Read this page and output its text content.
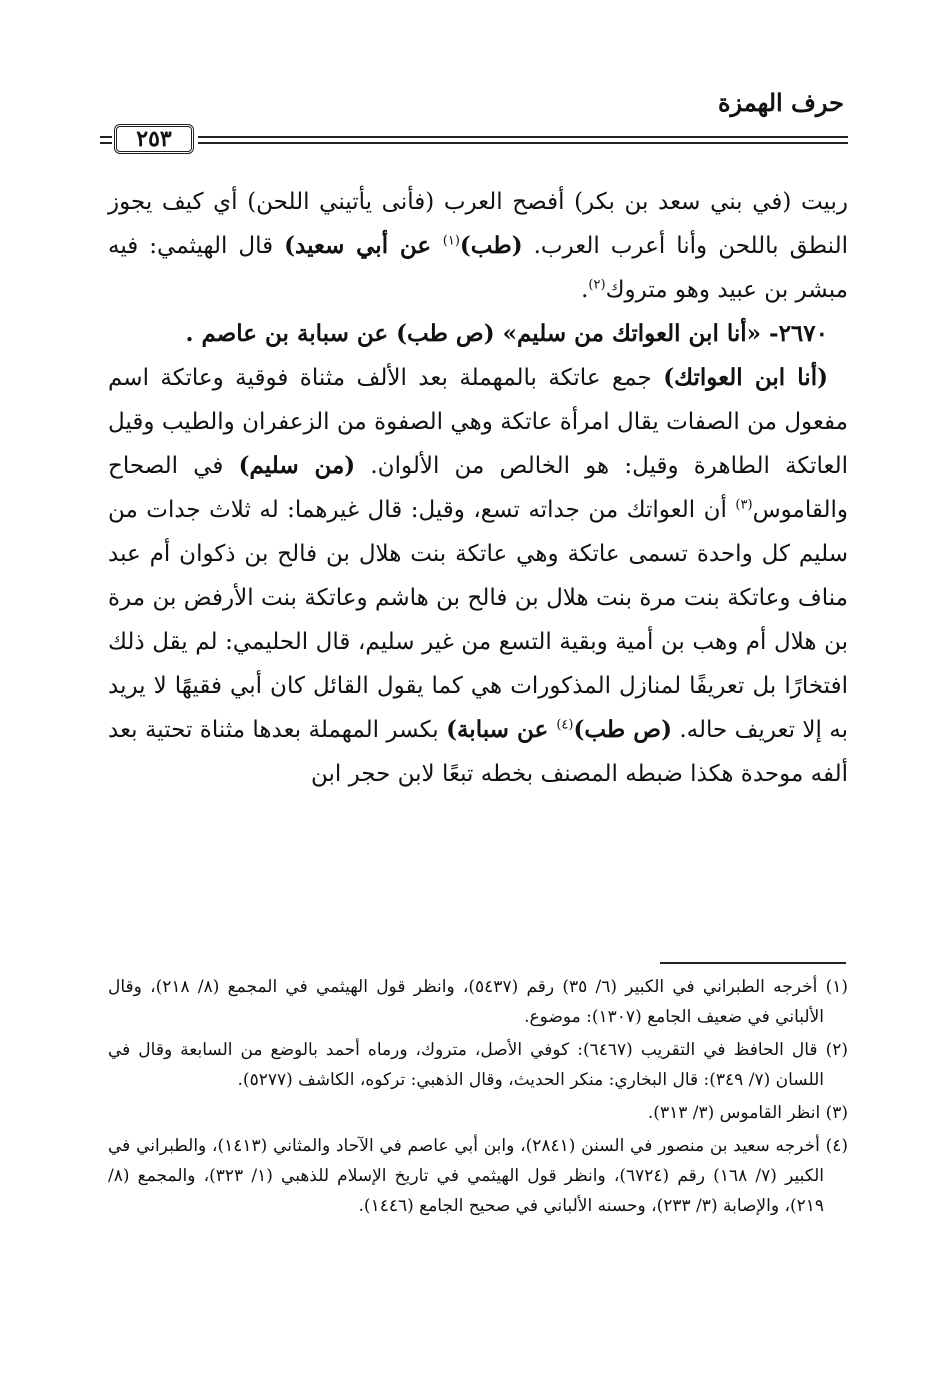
حرف الهمزة
٢٥٣

ربيت (في بني سعد بن بكر) أفصح العرب (فأنى يأتيني اللحن) أي كيف يجوز النطق باللحن وأنا أعرب العرب. (طب)$^{(١)}$ عن أبي سعيد) قال الهيثمي: فيه مبشر بن عبيد وهو متروك$^{(٢)}$.

٢٦٧٠- «أنا ابن العواتك من سليم» (ص طب) عن سبابة بن عاصم .

(أنا ابن العواتك) جمع عاتكة بالمهملة بعد الألف مثناة فوقية وعاتكة اسم مفعول من الصفات يقال امرأة عاتكة وهي الصفوة من الزعفران والطيب وقيل العاتكة الطاهرة وقيل: هو الخالص من الألوان. (من سليم) في الصحاح والقاموس$^{(٣)}$ أن العواتك من جداته تسع، وقيل: قال غيرهما: له ثلاث جدات من سليم كل واحدة تسمى عاتكة وهي عاتكة بنت هلال بن فالح بن ذكوان أم عبد مناف وعاتكة بنت مرة بنت هلال بن فالح بن هاشم وعاتكة بنت الأرفض بن مرة بن هلال أم وهب بن أمية وبقية التسع من غير سليم، قال الحليمي: لم يقل ذلك افتخارًا بل تعريفًا لمنازل المذكورات هي كما يقول القائل كان أبي فقيهًا لا يريد به إلا تعريف حاله. (ص طب)$^{(٤)}$ عن سبابة) بكسر المهملة بعدها مثناة تحتية بعد ألفه موحدة هكذا ضبطه المصنف بخطه تبعًا لابن حجر ابن

(١) أخرجه الطبراني في الكبير (٦/ ٣٥) رقم (٥٤٣٧)، وانظر قول الهيثمي في المجمع (٨/ ٢١٨)، وقال الألباني في ضعيف الجامع (١٣٠٧): موضوع.

(٢) قال الحافظ في التقريب (٦٤٦٧): كوفي الأصل، متروك، ورماه أحمد بالوضع من السابعة وقال في اللسان (٧/ ٣٤٩): قال البخاري: منكر الحديث، وقال الذهبي: تركوه، الكاشف (٥٢٧٧).

(٣) انظر القاموس (٣/ ٣١٣).

(٤) أخرجه سعيد بن منصور في السنن (٢٨٤١)، وابن أبي عاصم في الآحاد والمثاني (١٤١٣)، والطبراني في الكبير (٧/ ١٦٨) رقم (٦٧٢٤)، وانظر قول الهيثمي في تاريخ الإسلام للذهبي (١/ ٣٢٣)، والمجمع (٨/ ٢١٩)، والإصابة (٣/ ٢٣٣)، وحسنه الألباني في صحيح الجامع (١٤٤٦).
